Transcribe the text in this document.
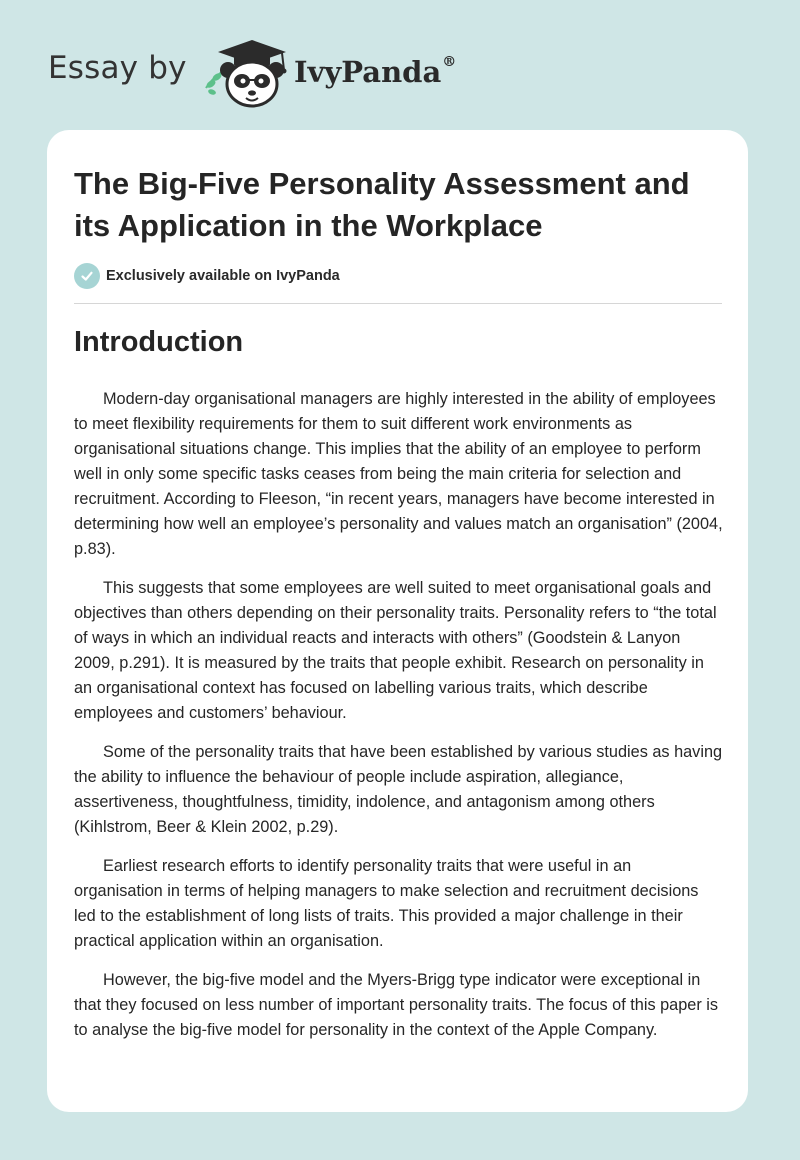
Essay by	IvyPanda®
The Big-Five Personality Assessment and its Application in the Workplace
Exclusively available on IvyPanda
Introduction

Modern-day organisational managers are highly interested in the ability of employees to meet flexibility requirements for them to suit different work environments as organisational situations change. This implies that the ability of an employee to perform well in only some specific tasks ceases from being the main criteria for selection and recruitment. According to Fleeson, “in recent years, managers have become interested in determining how well an employee’s personality and values match an organisation” (2004, p.83).

This suggests that some employees are well suited to meet organisational goals and objectives than others depending on their personality traits. Personality refers to “the total of ways in which an individual reacts and interacts with others” (Goodstein & Lanyon 2009, p.291). It is measured by the traits that people exhibit. Research on personality in an organisational context has focused on labelling various traits, which describe employees and customers’ behaviour.

Some of the personality traits that have been established by various studies as having the ability to influence the behaviour of people include aspiration, allegiance, assertiveness, thoughtfulness, timidity, indolence, and antagonism among others (Kihlstrom, Beer & Klein 2002, p.29).

Earliest research efforts to identify personality traits that were useful in an organisation in terms of helping managers to make selection and recruitment decisions led to the establishment of long lists of traits. This provided a major challenge in their practical application within an organisation.

However, the big-five model and the Myers-Brigg type indicator were exceptional in that they focused on less number of important personality traits. The focus of this paper is to analyse the big-five model for personality in the context of the Apple Company.
